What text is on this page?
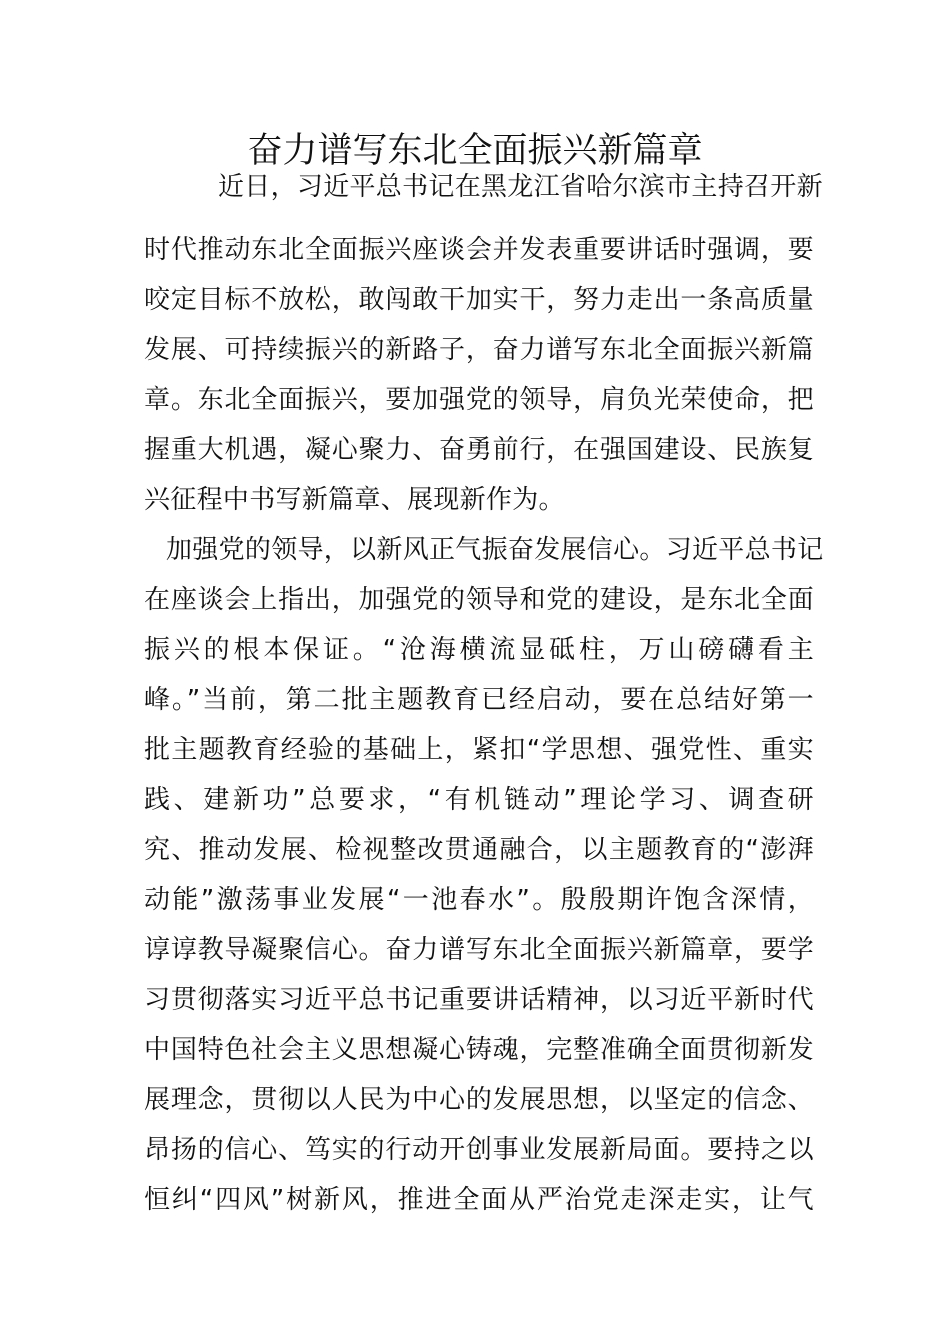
奋力谱写东北全面振兴新篇章
近日，习近平总书记在黑龙江省哈尔滨市主持召开新
时代推动东北全面振兴座谈会并发表重要讲话时强调，要
咬定目标不放松，敢闯敢干加实干，努力走出一条高质量
发展、可持续振兴的新路子，奋力谱写东北全面振兴新篇
章。东北全面振兴，要加强党的领导，肩负光荣使命，把
握重大机遇，凝心聚力、奋勇前行，在强国建设、民族复
兴征程中书写新篇章、展现新作为。
加强党的领导，以新风正气振奋发展信心。习近平总书记
在座谈会上指出，加强党的领导和党的建设，是东北全面
振兴的根本保证。“沧海横流显砥柱，万山磅礴看主
峰。”当前，第二批主题教育已经启动，要在总结好第一
批主题教育经验的基础上，紧扣“学思想、强党性、重实
践、建新功”总要求，“有机链动”理论学习、调查研
究、推动发展、检视整改贯通融合，以主题教育的“澎湃
动能”激荡事业发展“一池春水”。殷殷期许饱含深情，
谆谆教导凝聚信心。奋力谱写东北全面振兴新篇章，要学
习贯彻落实习近平总书记重要讲话精神，以习近平新时代
中国特色社会主义思想凝心铸魂，完整准确全面贯彻新发
展理念，贯彻以人民为中心的发展思想，以坚定的信念、
昂扬的信心、笃实的行动开创事业发展新局面。要持之以
恒纠“四风”树新风，推进全面从严治党走深走实，让气
